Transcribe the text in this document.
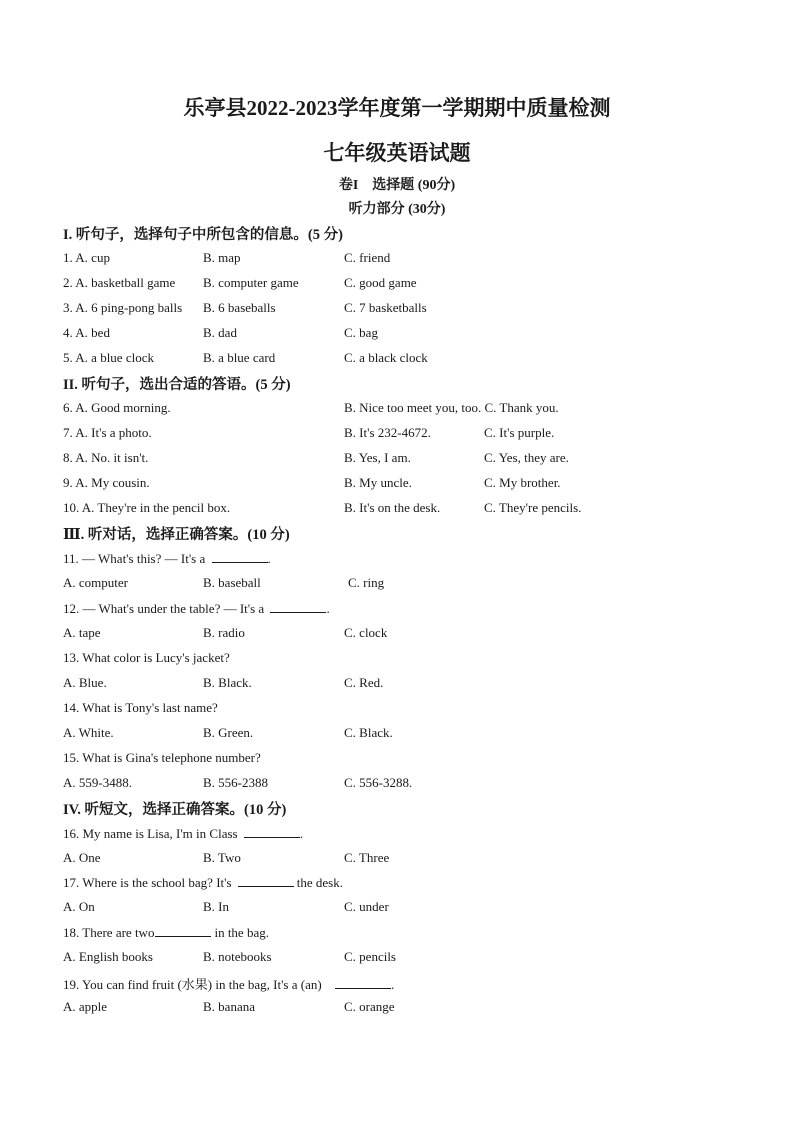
乐亭县2022-2023学年度第一学期期中质量检测
七年级英语试题
卷I　选择题 (90分)
听力部分 (30分)
I. 听句子，选择句子中所包含的信息。(5 分)
1. A. cup	B. map	C. friend
2. A. basketball game B. computer game	C. good game
3. A. 6 ping-pong balls B. 6 baseballs	C. 7 basketballs
4. A. bed	B. dad	C. bag
5. A. a blue clock	B. a blue card	C. a black clock
II. 听句子，选出合适的答语。(5 分)
6. A. Good morning.	B. Nice too meet you, too. C. Thank you.
7. A. It's a photo.	B. It's 232-4672.	C. It's purple.
8. A. No. it isn't.	B. Yes, I am.	C. Yes, they are.
9. A. My cousin.	B. My uncle.	C. My brother.
10. A. They're in the pencil box.	B. It's on the desk.	C. They're pencils.
Ⅲ. 听对话，选择正确答案。(10 分)
11. — What's this? — It's a	.
A. computer	B. baseball	C. ring
12. — What's under the table? — It's a	.
A. tape	B. radio	C. clock
13. What color is Lucy's jacket?
A. Blue.	B. Black.	C. Red.
14. What is Tony's last name?
A. White.	B. Green.	C. Black.
15. What is Gina's telephone number?
A. 559-3488.	B. 556-2388	C. 556-3288.
IV. 听短文，选择正确答案。(10 分)
16. My name is Lisa, I'm in Class	.
A. One	B. Two	C. Three
17. Where is the school bag? It's	the desk.
A. On	B. In	C. under
18. There are two	in the bag.
A. English books	B. notebooks	C. pencils
19. You can find fruit (水果) in the bag, It's a (an)	.
A. apple	B. banana	C. orange
